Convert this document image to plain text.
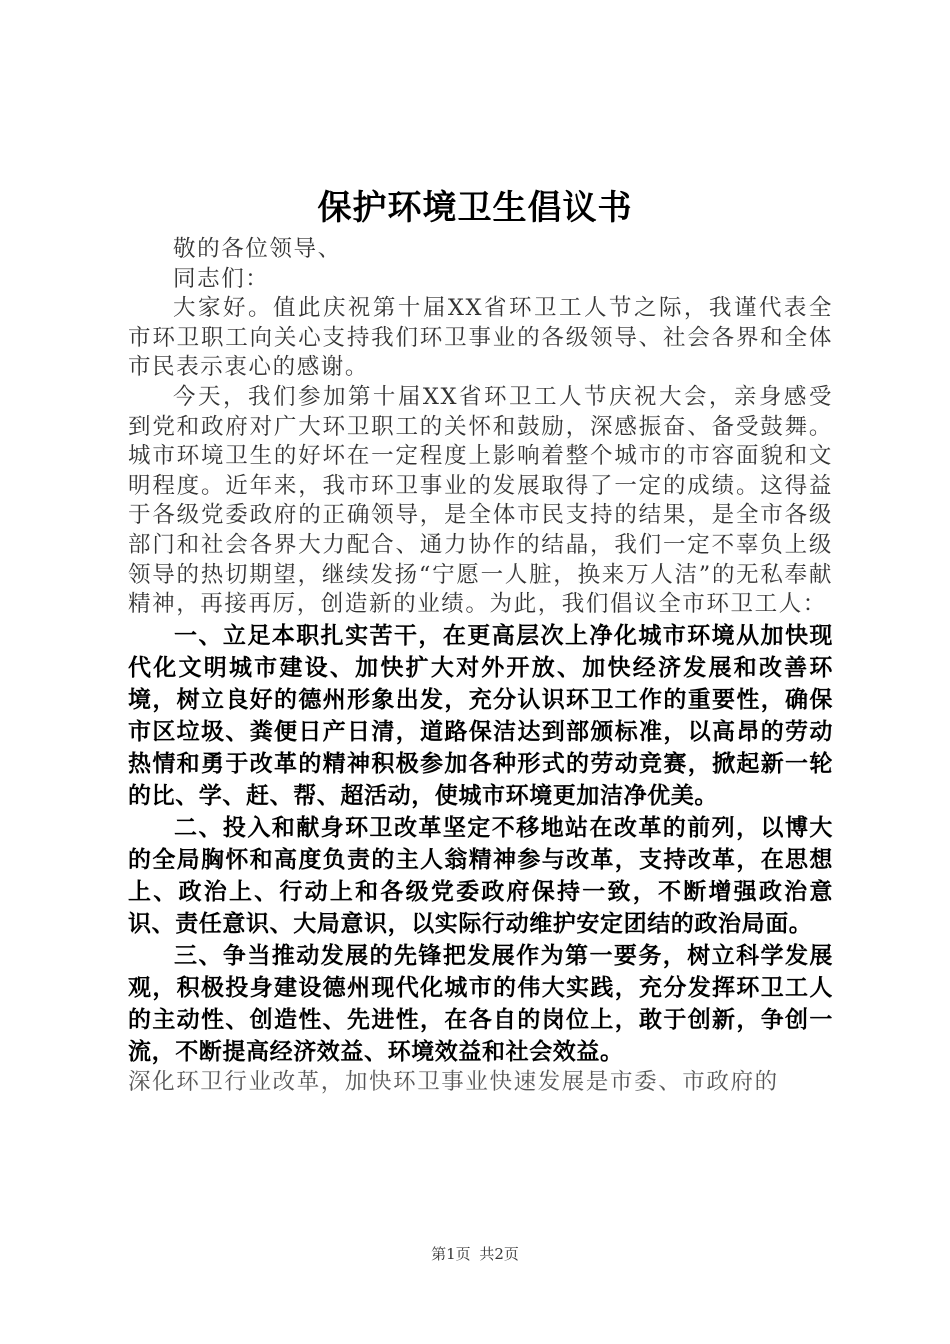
保护环境卫生倡议书

敬的各位领导、

同志们：

大家好。值此庆祝第十届XX省环卫工人节之际，我谨代表全市环卫职工向关心支持我们环卫事业的各级领导、社会各界和全体市民表示衷心的感谢。

今天，我们参加第十届XX省环卫工人节庆祝大会，亲身感受到党和政府对广大环卫职工的关怀和鼓励，深感振奋、备受鼓舞。城市环境卫生的好坏在一定程度上影响着整个城市的市容面貌和文明程度。近年来，我市环卫事业的发展取得了一定的成绩。这得益于各级党委政府的正确领导，是全体市民支持的结果，是全市各级部门和社会各界大力配合、通力协作的结晶，我们一定不辜负上级领导的热切期望，继续发扬“宁愿一人脏，换来万人洁”的无私奉献精神，再接再厉，创造新的业绩。为此，我们倡议全市环卫工人：

一、立足本职扎实苦干，在更高层次上净化城市环境从加快现代化文明城市建设、加快扩大对外开放、加快经济发展和改善环境，树立良好的德州形象出发，充分认识环卫工作的重要性，确保市区垃圾、粪便日产日清，道路保洁达到部颁标准，以高昂的劳动热情和勇于改革的精神积极参加各种形式的劳动竞赛，掀起新一轮的比、学、赶、帮、超活动，使城市环境更加洁净优美。

二、投入和献身环卫改革坚定不移地站在改革的前列，以博大的全局胸怀和高度负责的主人翁精神参与改革，支持改革，在思想上、政治上、行动上和各级党委政府保持一致，不断增强政治意识、责任意识、大局意识，以实际行动维护安定团结的政治局面。

三、争当推动发展的先锋把发展作为第一要务，树立科学发展观，积极投身建设德州现代化城市的伟大实践，充分发挥环卫工人的主动性、创造性、先进性，在各自的岗位上，敢于创新，争创一流，不断提高经济效益、环境效益和社会效益。

深化环卫行业改革，加快环卫事业快速发展是市委、市政府的

第1页 共2页
